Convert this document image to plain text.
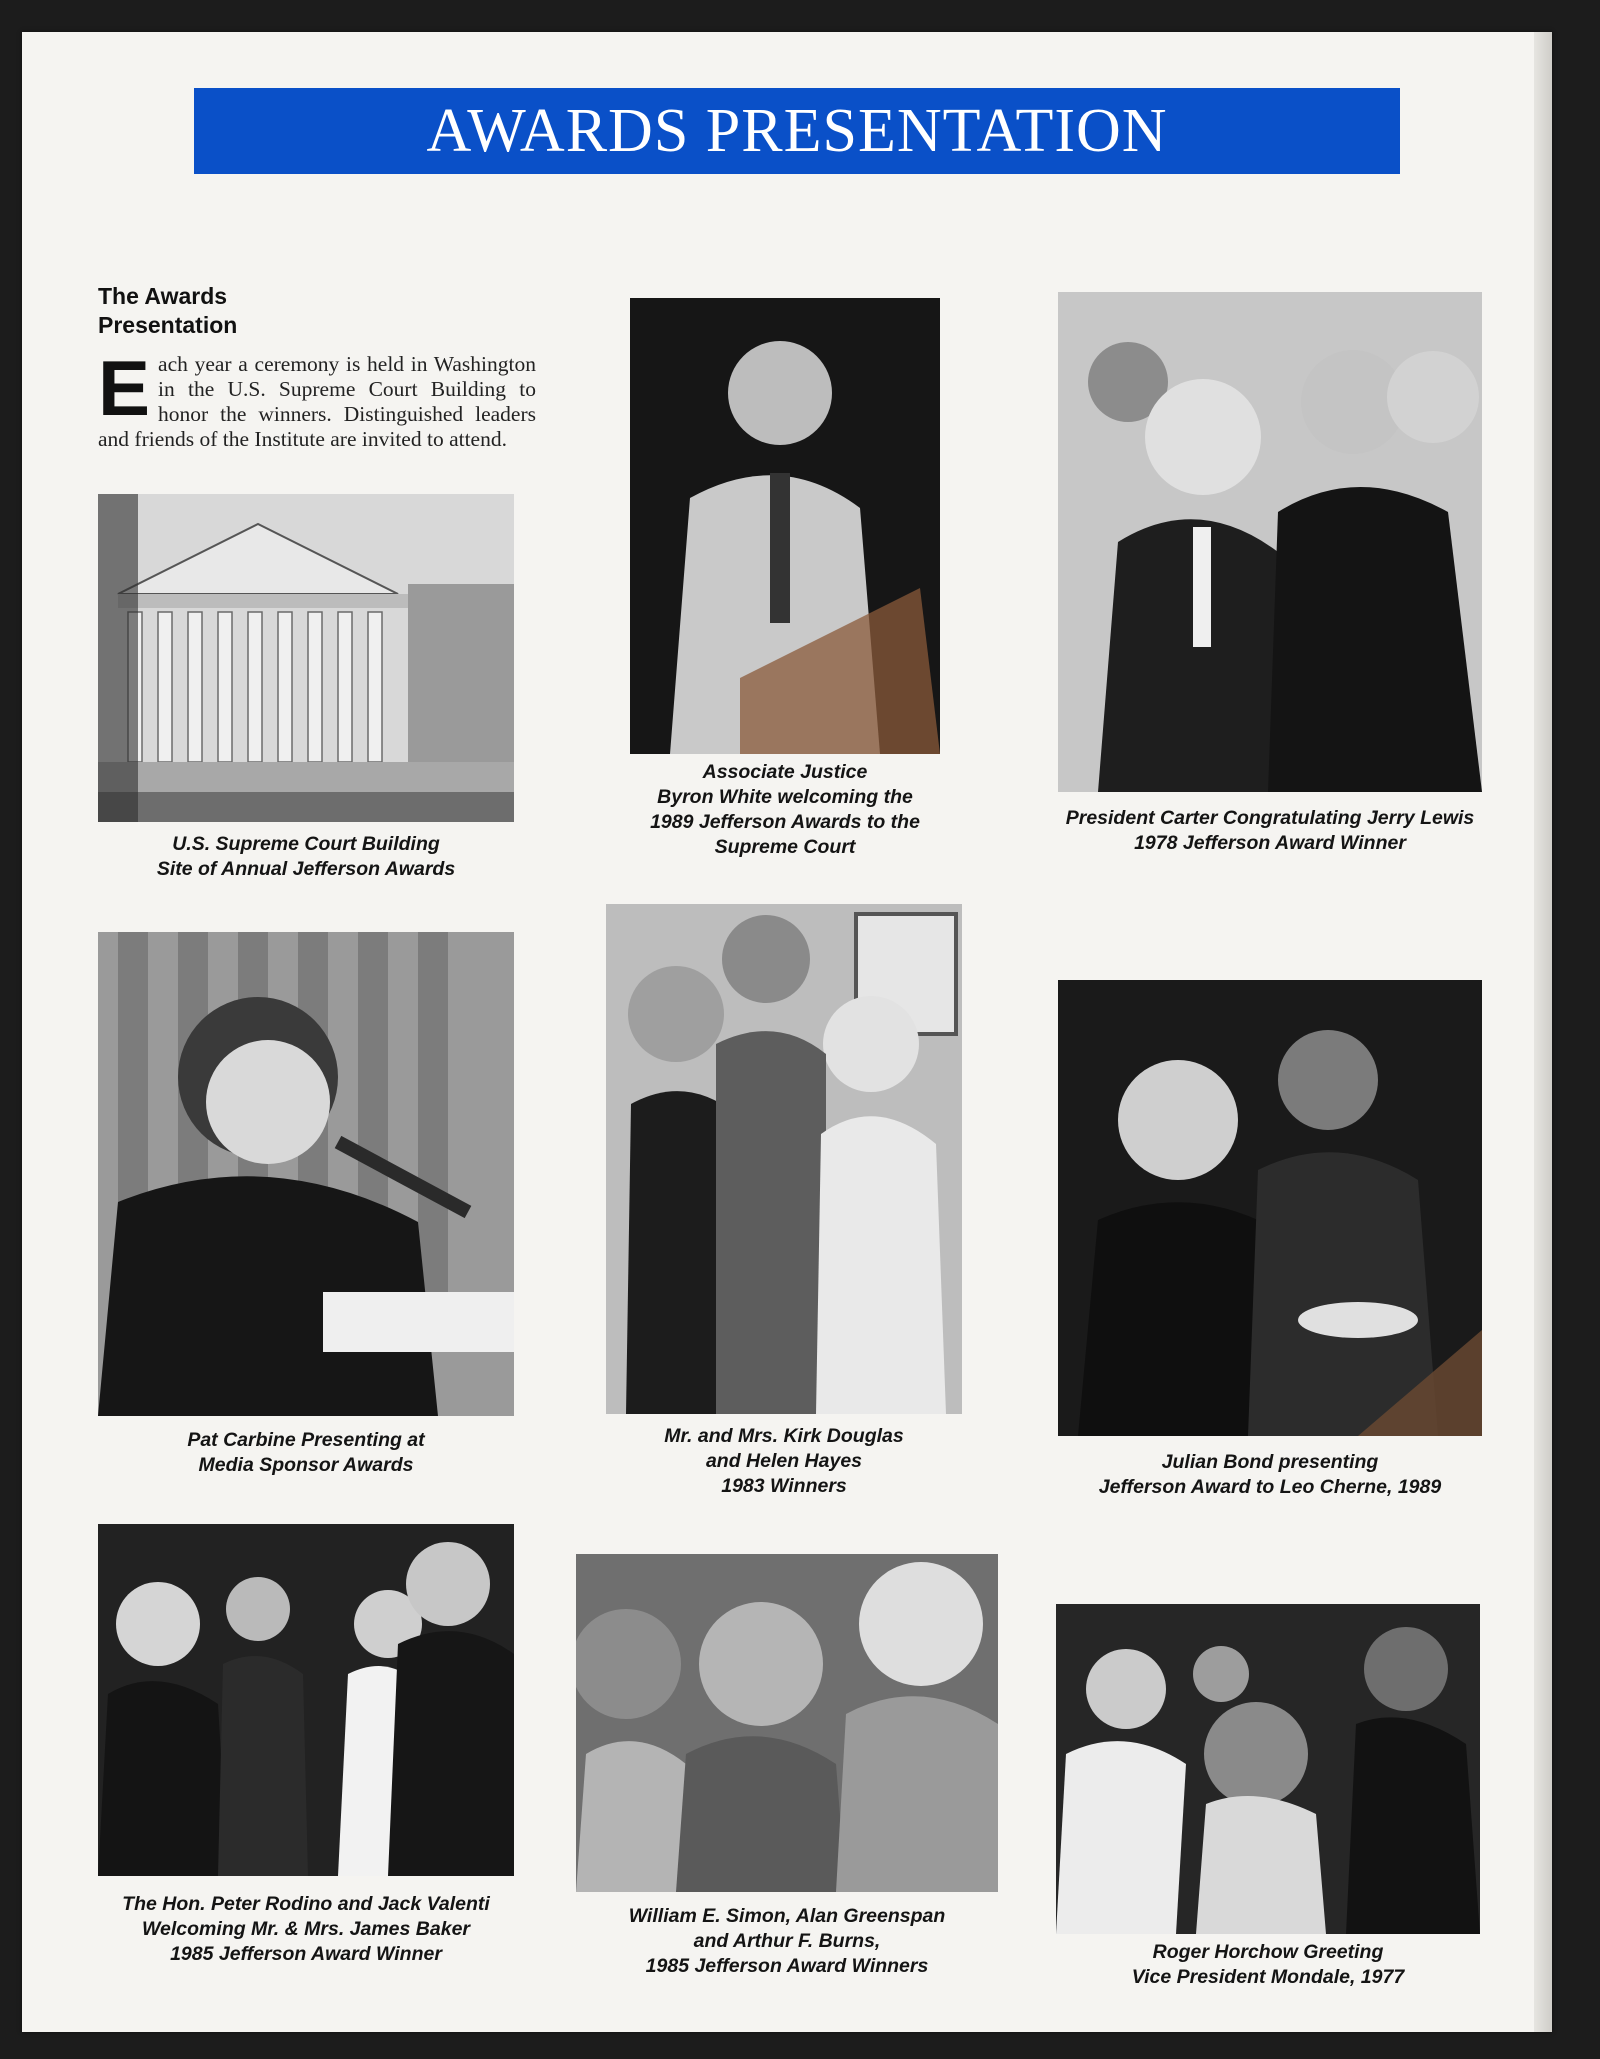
AWARDS PRESENTATION
The Awards
Presentation
E ach year a ceremony is held in Washington in the U.S. Supreme Court Building to honor the winners. Distinguished leaders and friends of the Institute are invited to attend.
U.S. Supreme Court Building
Site of Annual Jefferson Awards
Associate Justice
Byron White welcoming the
1989 Jefferson Awards to the
Supreme Court
President Carter Congratulating Jerry Lewis
1978 Jefferson Award Winner
Pat Carbine Presenting at
Media Sponsor Awards
Mr. and Mrs. Kirk Douglas
and Helen Hayes
1983 Winners
Julian Bond presenting
Jefferson Award to Leo Cherne, 1989
The Hon. Peter Rodino and Jack Valenti
Welcoming Mr. & Mrs. James Baker
1985 Jefferson Award Winner
William E. Simon, Alan Greenspan
and Arthur F. Burns,
1985 Jefferson Award Winners
Roger Horchow Greeting
Vice President Mondale, 1977
